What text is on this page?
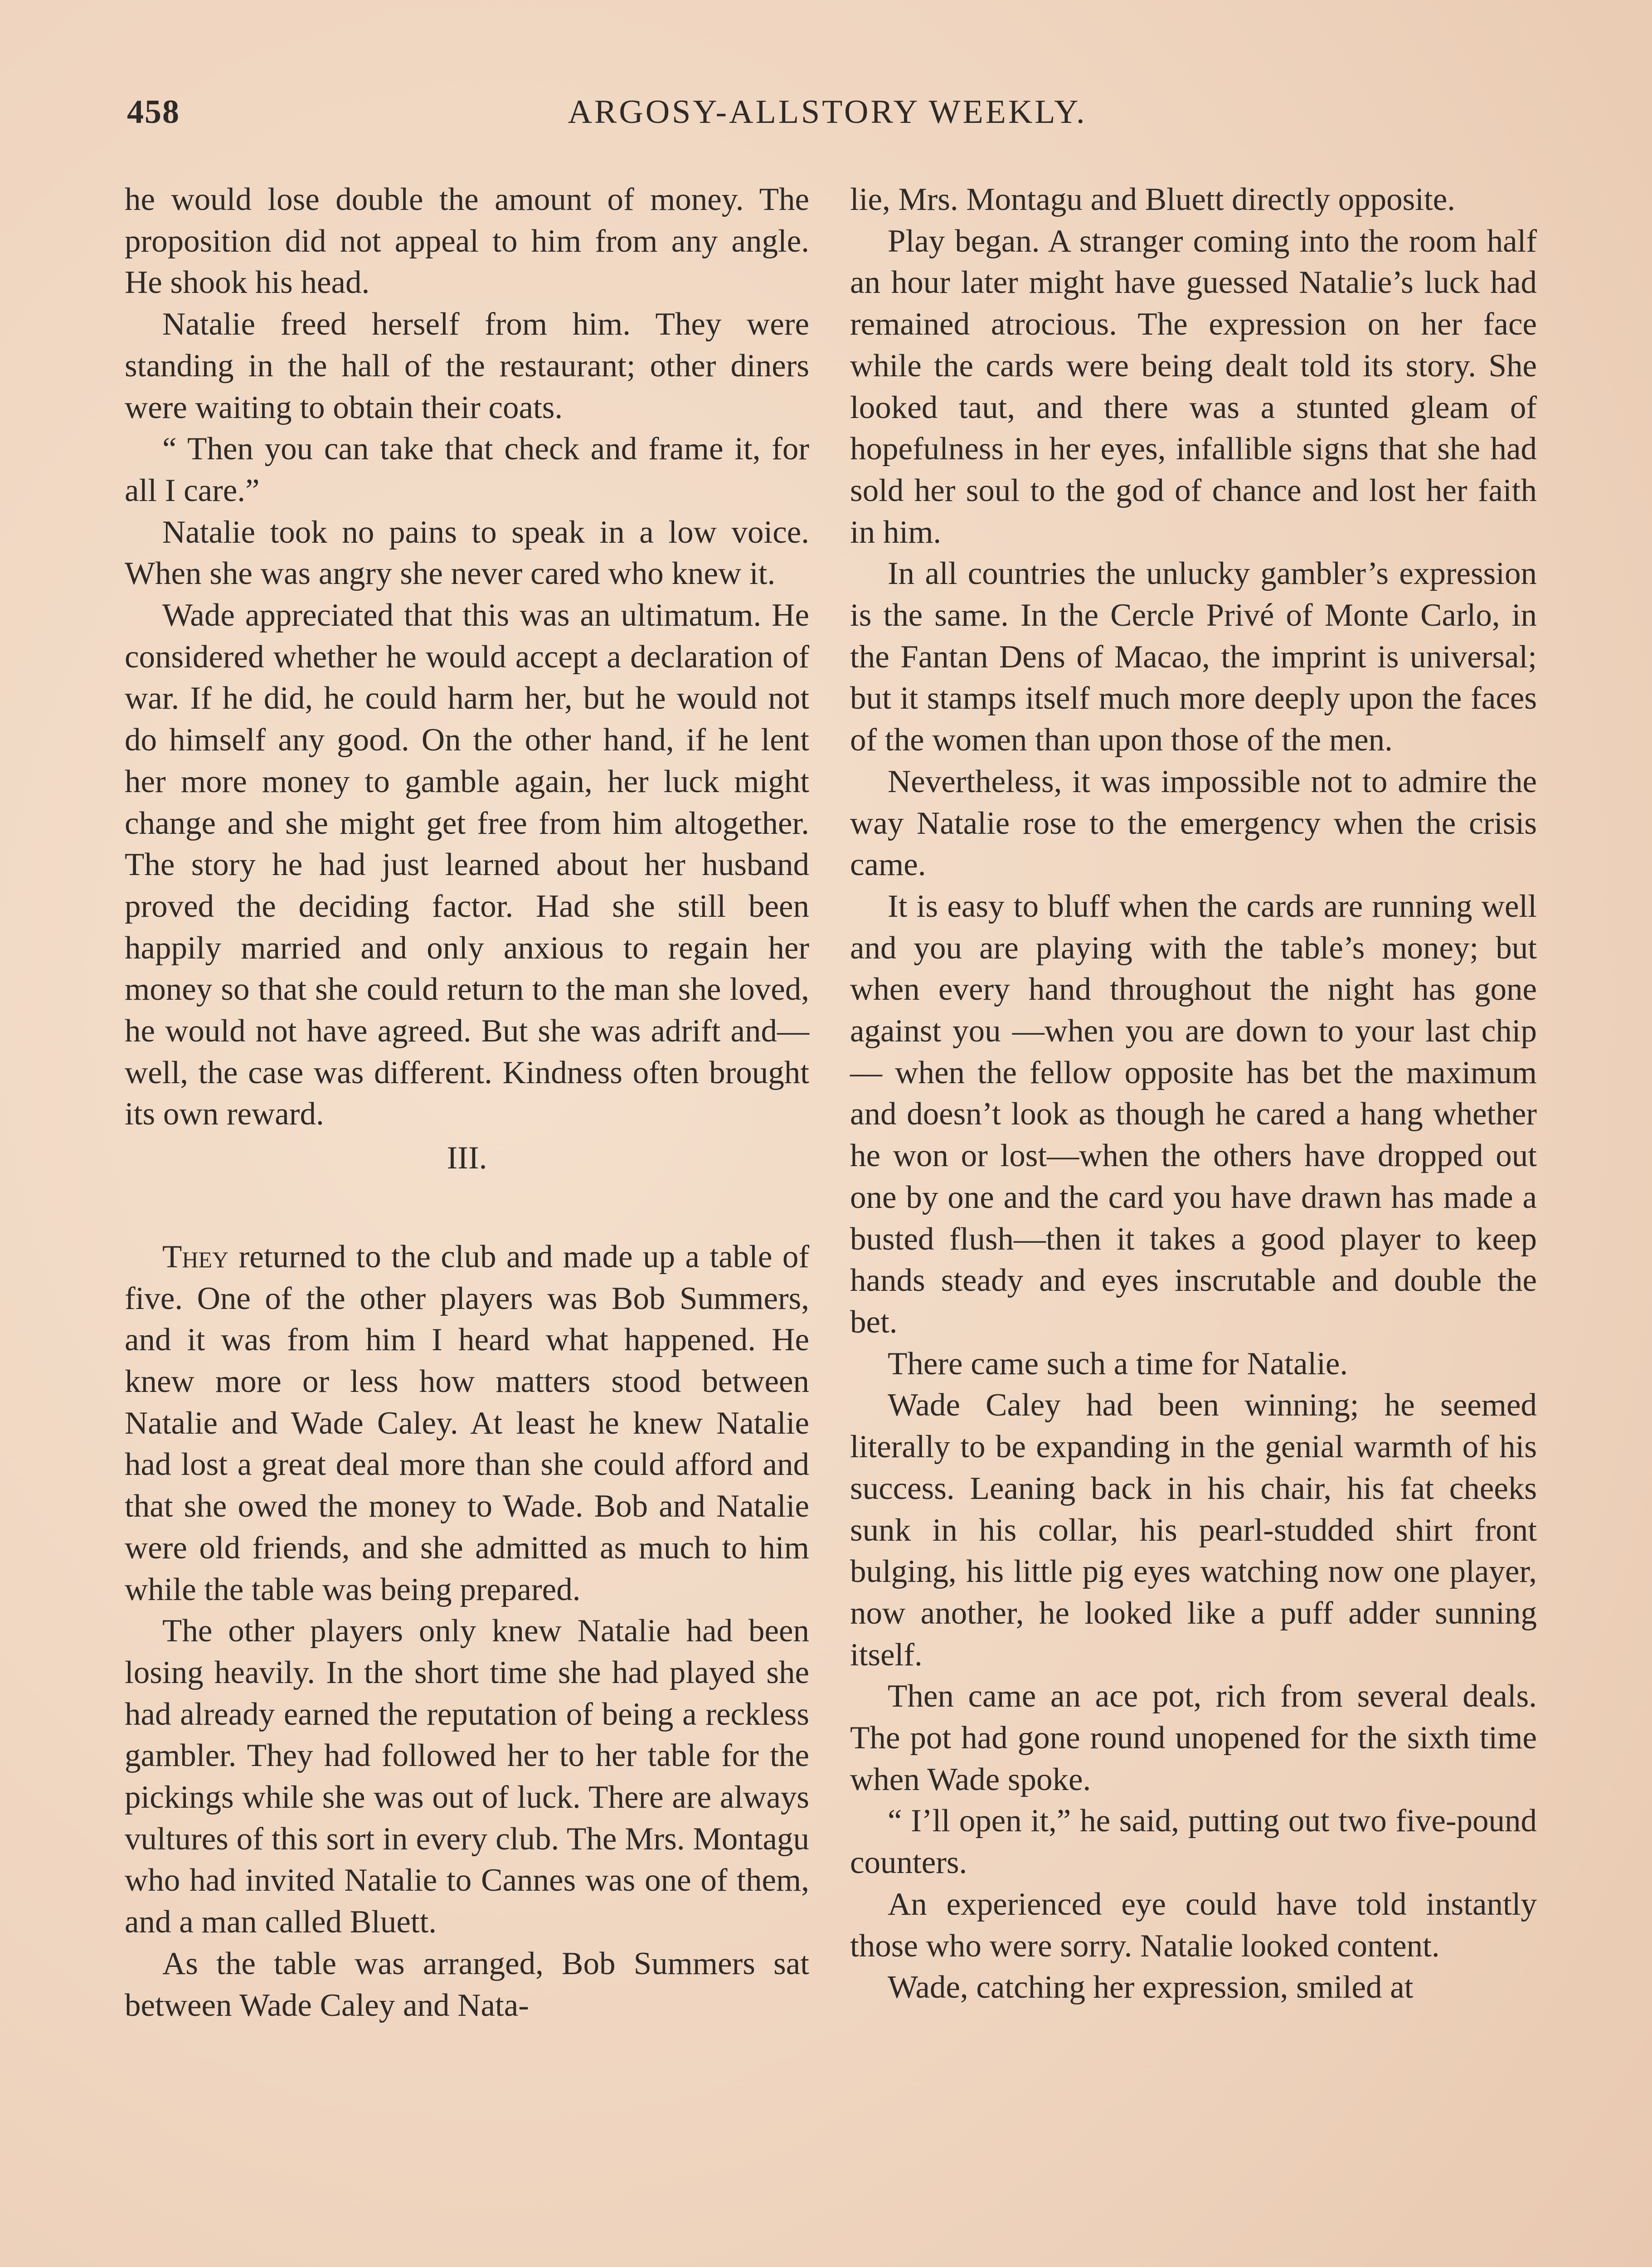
458	ARGOSY-ALLSTORY WEEKLY.

he would lose double the amount of money. The proposition did not appeal to him from any angle. He shook his head.

Natalie freed herself from him. They were standing in the hall of the restaurant; other diners were waiting to obtain their coats.

“ Then you can take that check and frame it, for all I care.”

Natalie took no pains to speak in a low voice. When she was angry she never cared who knew it.

Wade appreciated that this was an ultimatum. He considered whether he would accept a declaration of war. If he did, he could harm her, but he would not do himself any good. On the other hand, if he lent her more money to gamble again, her luck might change and she might get free from him altogether. The story he had just learned about her husband proved the deciding factor. Had she still been happily married and only anxious to regain her money so that she could return to the man she loved, he would not have agreed. But she was adrift and—well, the case was different. Kindness often brought its own reward.

III.

They returned to the club and made up a table of five. One of the other players was Bob Summers, and it was from him I heard what happened. He knew more or less how matters stood between Natalie and Wade Caley. At least he knew Natalie had lost a great deal more than she could afford and that she owed the money to Wade. Bob and Natalie were old friends, and she admitted as much to him while the table was being prepared.

The other players only knew Natalie had been losing heavily. In the short time she had played she had already earned the reputation of being a reckless gambler. They had followed her to her table for the pickings while she was out of luck. There are always vultures of this sort in every club. The Mrs. Montagu who had invited Natalie to Cannes was one of them, and a man called Bluett.

As the table was arranged, Bob Summers sat between Wade Caley and Nata-

lie, Mrs. Montagu and Bluett directly opposite.

Play began. A stranger coming into the room half an hour later might have guessed Natalie’s luck had remained atrocious. The expression on her face while the cards were being dealt told its story. She looked taut, and there was a stunted gleam of hopefulness in her eyes, infallible signs that she had sold her soul to the god of chance and lost her faith in him.

In all countries the unlucky gambler’s expression is the same. In the Cercle Privé of Monte Carlo, in the Fantan Dens of Macao, the imprint is universal; but it stamps itself much more deeply upon the faces of the women than upon those of the men.

Nevertheless, it was impossible not to admire the way Natalie rose to the emergency when the crisis came.

It is easy to bluff when the cards are running well and you are playing with the table’s money; but when every hand throughout the night has gone against you —when you are down to your last chip— when the fellow opposite has bet the maximum and doesn’t look as though he cared a hang whether he won or lost—when the others have dropped out one by one and the card you have drawn has made a busted flush—then it takes a good player to keep hands steady and eyes inscrutable and double the bet.

There came such a time for Natalie.

Wade Caley had been winning; he seemed literally to be expanding in the genial warmth of his success. Leaning back in his chair, his fat cheeks sunk in his collar, his pearl-studded shirt front bulging, his little pig eyes watching now one player, now another, he looked like a puff adder sunning itself.

Then came an ace pot, rich from several deals. The pot had gone round unopened for the sixth time when Wade spoke.

“ I’ll open it,” he said, putting out two five-pound counters.

An experienced eye could have told instantly those who were sorry. Natalie looked content.

Wade, catching her expression, smiled at
